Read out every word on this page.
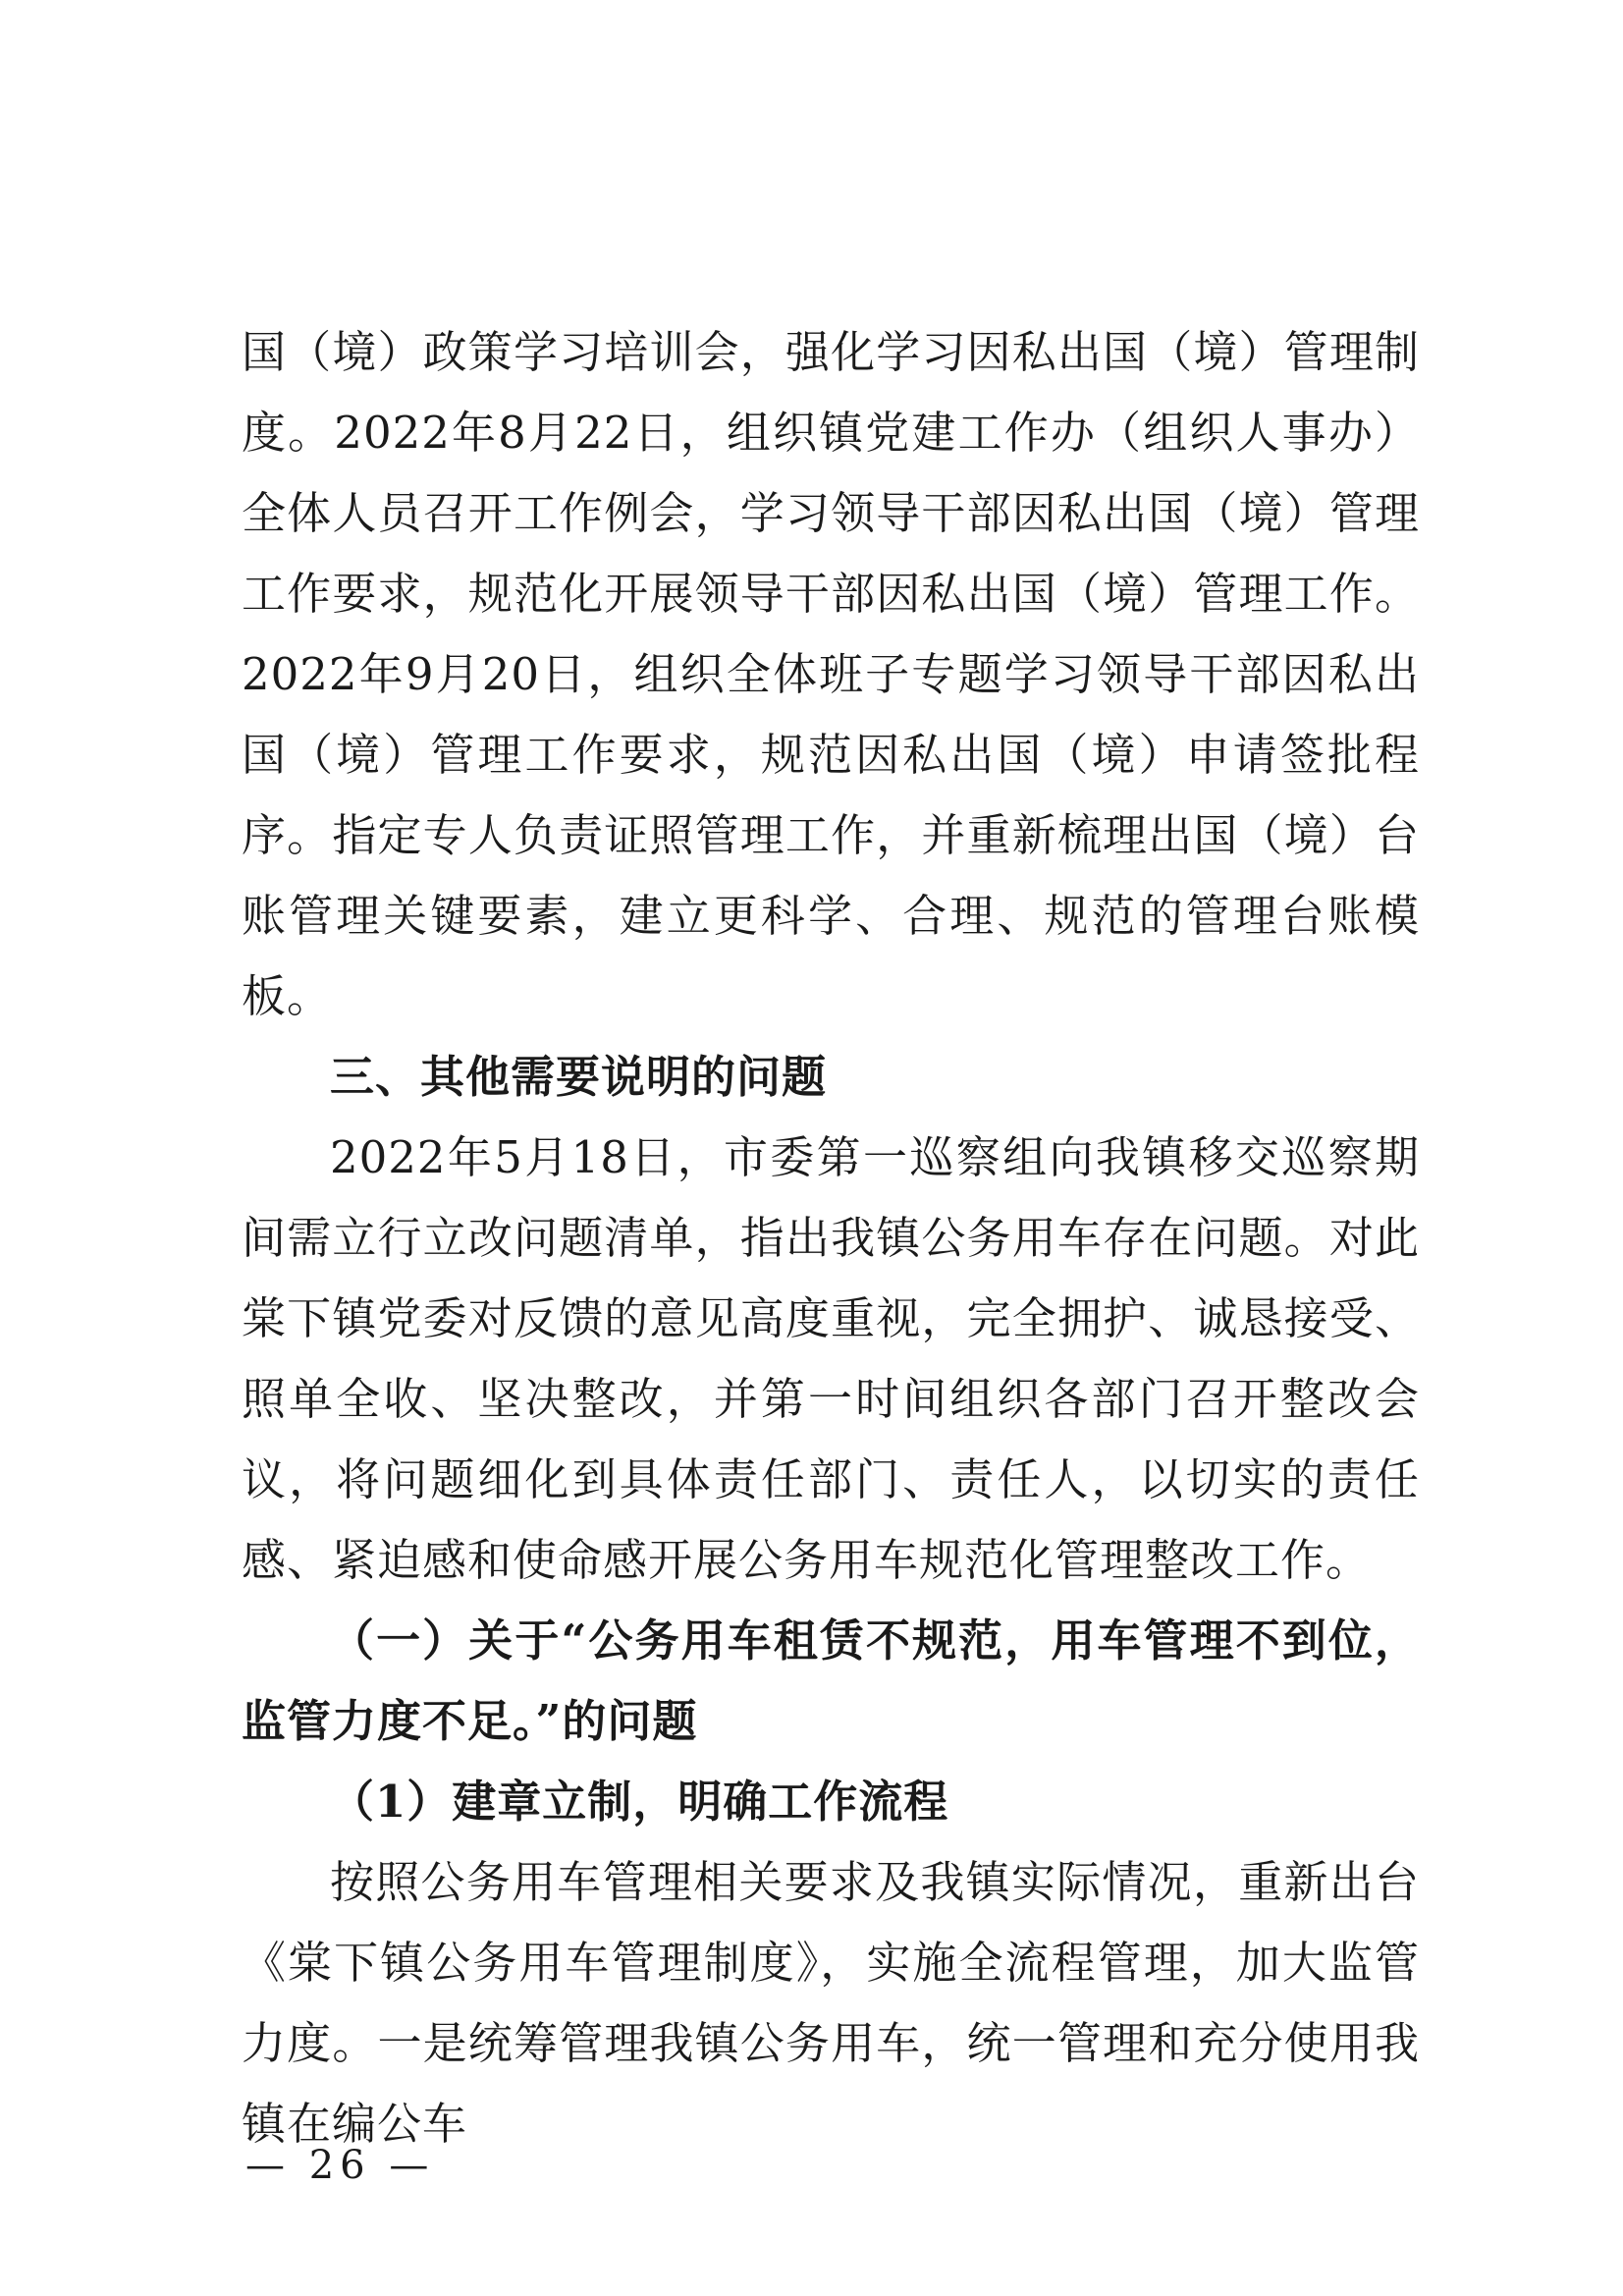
国（境）政策学习培训会，强化学习因私出国（境）管理制度。2022年8月22日，组织镇党建工作办（组织人事办）全体人员召开工作例会，学习领导干部因私出国（境）管理工作要求，规范化开展领导干部因私出国（境）管理工作。2022年9月20日，组织全体班子专题学习领导干部因私出国（境）管理工作要求，规范因私出国（境）申请签批程序。指定专人负责证照管理工作，并重新梳理出国（境）台账管理关键要素，建立更科学、合理、规范的管理台账模板。

三、其他需要说明的问题

2022年5月18日，市委第一巡察组向我镇移交巡察期间需立行立改问题清单，指出我镇公务用车存在问题。对此棠下镇党委对反馈的意见高度重视，完全拥护、诚恳接受、照单全收、坚决整改，并第一时间组织各部门召开整改会议，将问题细化到具体责任部门、责任人，以切实的责任感、紧迫感和使命感开展公务用车规范化管理整改工作。

（一）关于“公务用车租赁不规范，用车管理不到位，监管力度不足。”的问题

（1）建章立制，明确工作流程

按照公务用车管理相关要求及我镇实际情况，重新出台《棠下镇公务用车管理制度》，实施全流程管理，加大监管力度。一是统筹管理我镇公务用车，统一管理和充分使用我镇在编公车

— 26 —
